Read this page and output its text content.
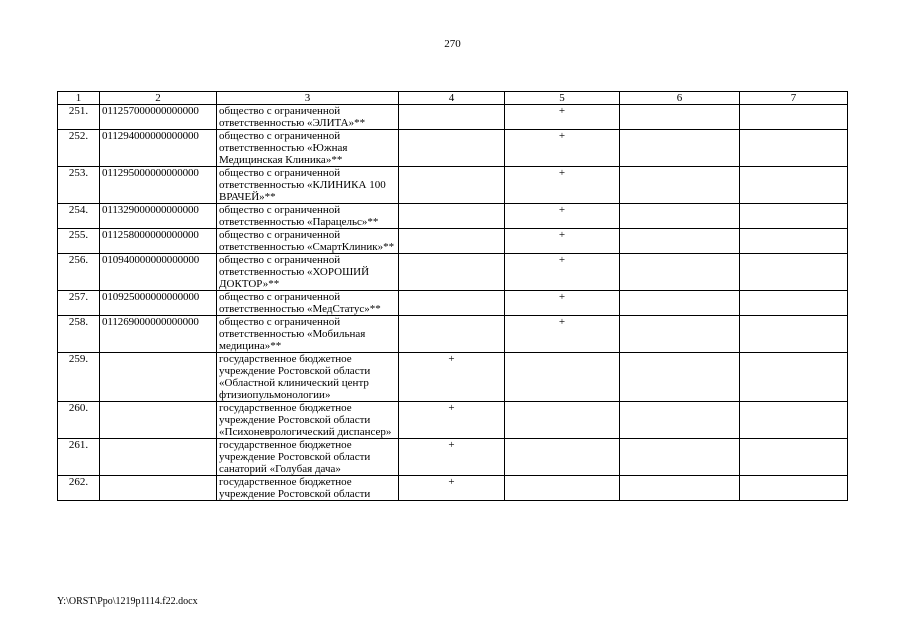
270
1	2	3	4	5	6	7
251.	011257000000000000	общество с ограниченной ответственностью «ЭЛИТА»**		+		
252.	011294000000000000	общество с ограниченной ответственностью «Южная Медицинская Клиника»**		+		
253.	011295000000000000	общество с ограниченной ответственностью «КЛИНИКА 100 ВРАЧЕЙ»**		+		
254.	011329000000000000	общество с ограниченной ответственностью «Парацельс»**		+		
255.	011258000000000000	общество с ограниченной ответственностью «СмартКлиник»**		+		
256.	010940000000000000	общество с ограниченной ответственностью «ХОРОШИЙ ДОКТОР»**		+		
257.	010925000000000000	общество с ограниченной ответственностью «МедСтатус»**		+		
258.	011269000000000000	общество с ограниченной ответственностью «Мобильная медицина»**		+		
259.		государственное бюджетное учреждение Ростовской области «Областной клинический центр фтизиопульмонологии»	+			
260.		государственное бюджетное учреждение Ростовской области «Психоневрологический диспансер»	+			
261.		государственное бюджетное учреждение Ростовской области санаторий «Голубая дача»	+			
262.		государственное бюджетное учреждение Ростовской области	+			
Y:\ORST\Ppo\1219p1114.f22.docx
